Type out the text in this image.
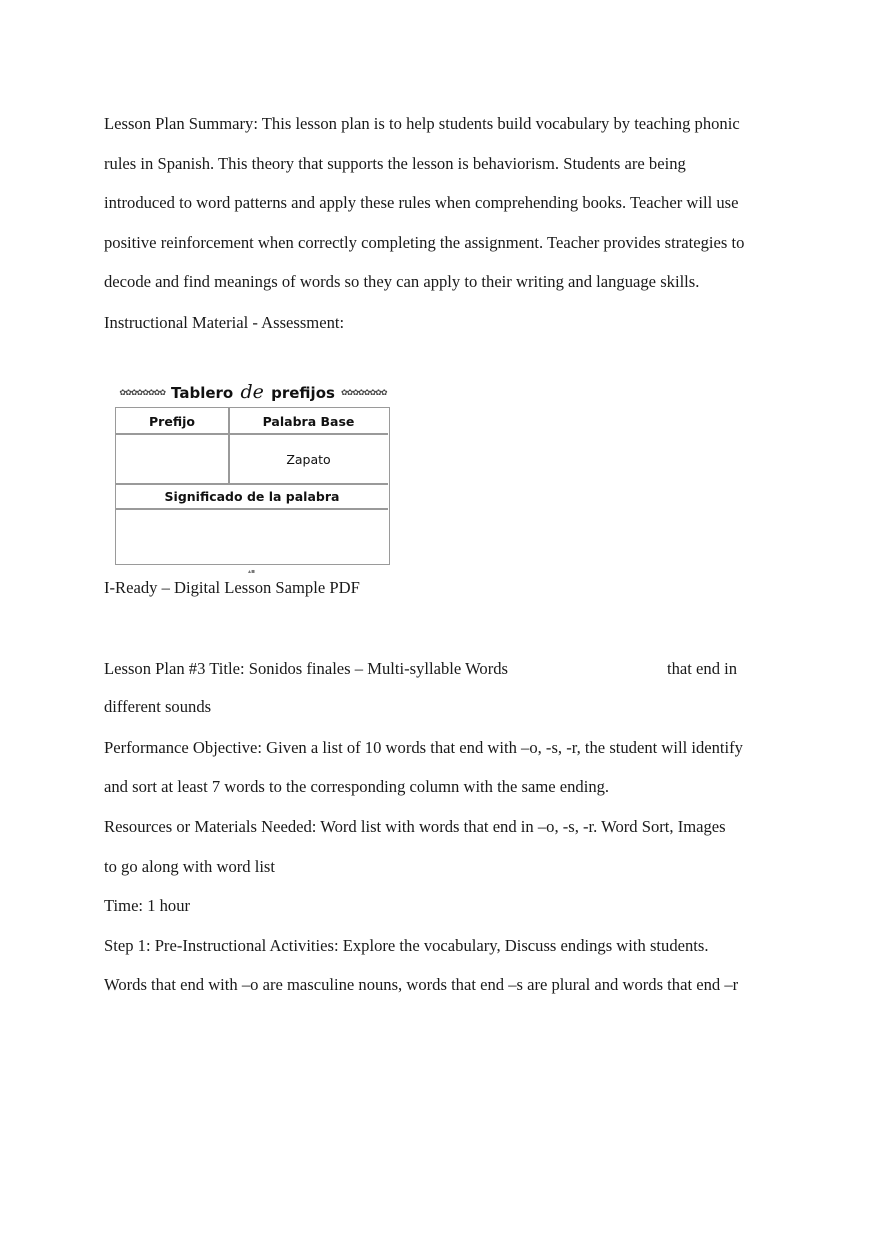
Lesson Plan Summary: This lesson plan is to help students build vocabulary by teaching phonic
rules in Spanish. This theory that supports the lesson is behaviorism. Students are being
introduced to word patterns and apply these rules when comprehending books. Teacher will use
positive reinforcement when correctly completing the assignment. Teacher provides strategies to
decode and find meanings of words so they can apply to their writing and language skills.
Instructional Material - Assessment:
✿✿✿✿✿✿✿✿ Tablero de prefijos ✿✿✿✿✿✿✿✿
Prefijo	Palabra Base
Zapato
Significado de la palabra
▴▪
I-Ready – Digital Lesson Sample PDF
Lesson Plan #3 Title: Sonidos finales – Multi-syllable Words	that end in
different sounds
Performance Objective: Given a list of 10 words that end with –o, -s, -r, the student will identify
and sort at least 7 words to the corresponding column with the same ending.
Resources or Materials Needed: Word list with words that end in –o, -s, -r. Word Sort, Images
to go along with word list
Time: 1 hour
Step 1: Pre-Instructional Activities: Explore the vocabulary, Discuss endings with students.
Words that end with –o are masculine nouns, words that end –s are plural and words that end –r
